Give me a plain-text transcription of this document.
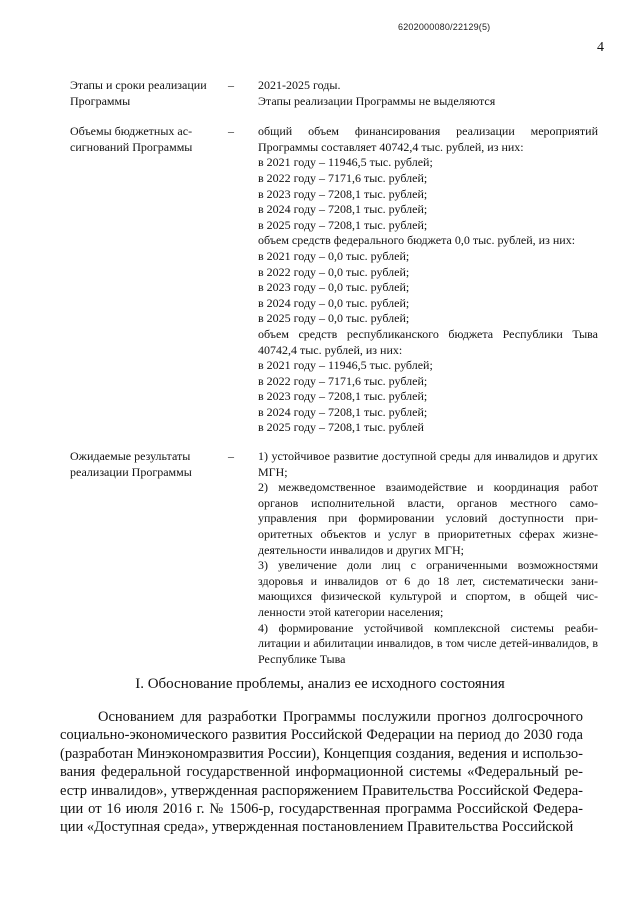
6202000080/22129(5)
4
Этапы и сроки реализации Программы
–	2021-2025 годы.
Этапы реализации Программы не выделяются
Объемы бюджетных ас-сигнований Программы
–	общий объем финансирования реализации мероприятий Программы составляет 40742,4 тыс. рублей, из них:
в 2021 году – 11946,5 тыс. рублей;
в 2022 году – 7171,6 тыс. рублей;
в 2023 году – 7208,1 тыс. рублей;
в 2024 году – 7208,1 тыс. рублей;
в 2025 году – 7208,1 тыс. рублей;
объем средств федерального бюджета 0,0 тыс. рублей, из них:
в 2021 году – 0,0 тыс. рублей;
в 2022 году – 0,0 тыс. рублей;
в 2023 году – 0,0 тыс. рублей;
в 2024 году – 0,0 тыс. рублей;
в 2025 году – 0,0 тыс. рублей;
объем средств республиканского бюджета Республики Тыва 40742,4 тыс. рублей, из них:
в 2021 году – 11946,5 тыс. рублей;
в 2022 году – 7171,6 тыс. рублей;
в 2023 году – 7208,1 тыс. рублей;
в 2024 году – 7208,1 тыс. рублей;
в 2025 году – 7208,1 тыс. рублей
Ожидаемые результаты реализации Программы
–	1) устойчивое развитие доступной среды для инвалидов и других МГН;
2) межведомственное взаимодействие и координация работ органов исполнительной власти, органов местного само-управления при формировании условий доступности при-оритетных объектов и услуг в приоритетных сферах жизне-деятельности инвалидов и других МГН;
3) увеличение доли лиц с ограниченными возможностями здоровья и инвалидов от 6 до 18 лет, систематически зани-мающихся физической культурой и спортом, в общей чис-ленности этой категории населения;
4) формирование устойчивой комплексной системы реаби-литации и абилитации инвалидов, в том числе детей-инвалидов, в Республике Тыва
I. Обоснование проблемы, анализ ее исходного состояния
Основанием для разработки Программы послужили прогноз долгосрочного социально-экономического развития Российской Федерации на период до 2030 года (разработан Минэкономразвития России), Концепция создания, ведения и использо-вания федеральной государственной информационной системы «Федеральный ре-естр инвалидов», утвержденная распоряжением Правительства Российской Федера-ции от 16 июля 2016 г. № 1506-р, государственная программа Российской Федера-ции «Доступная среда», утвержденная постановлением Правительства Российской
